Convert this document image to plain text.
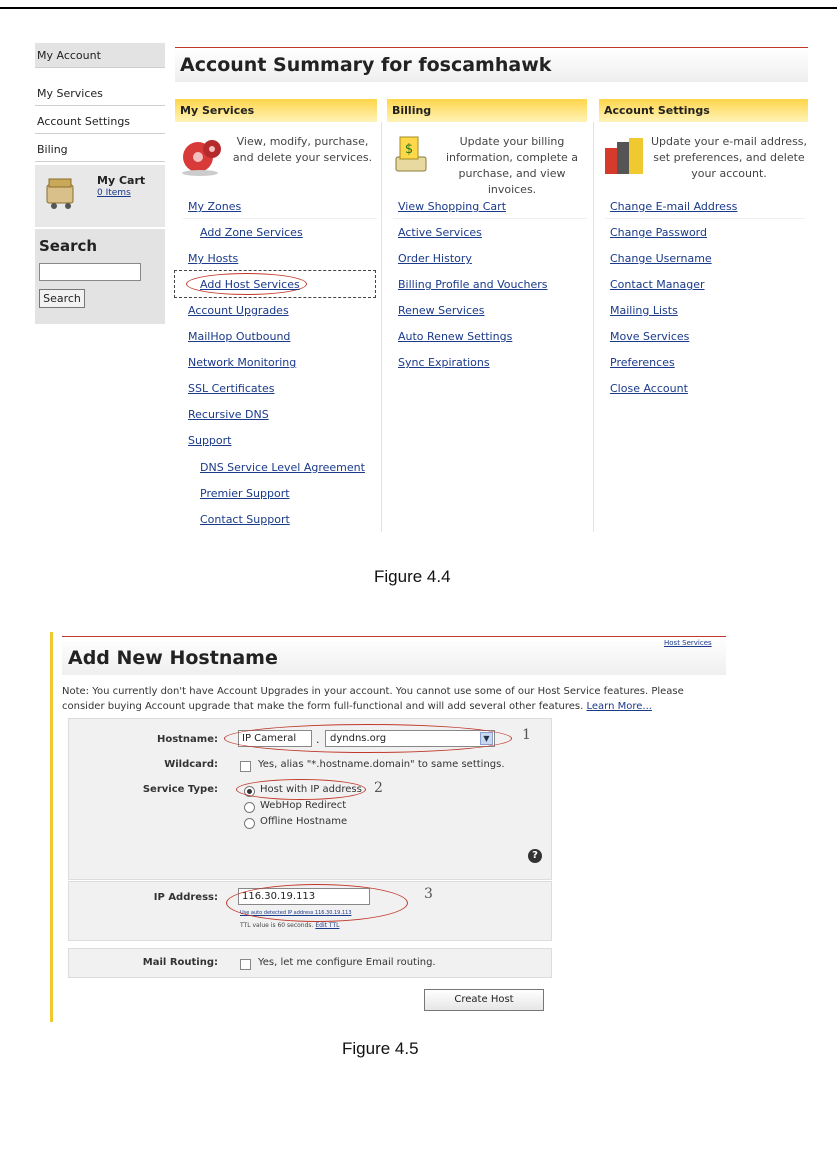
My Account
My Services
Account Settings
Biling
My Cart
0 Items
Search
Search
Account Summary for foscamhawk
My Services	Billing	Account Settings
View, modify, purchase, and delete your services.
$
Update your billing information, complete a purchase, and view invoices.
Update your e-mail address, set preferences, and delete your account.
My Zones
Add Zone Services
My Hosts
Add Host Services
Account Upgrades
MailHop Outbound
Network Monitoring
SSL Certificates
Recursive DNS
Support
DNS Service Level Agreement
Premier Support
Contact Support
View Shopping Cart
Active Services
Order History
Billing Profile and Vouchers
Renew Services
Auto Renew Settings
Sync Expirations
Change E-mail Address
Change Password
Change Username
Contact Manager
Mailing Lists
Move Services
Preferences
Close Account
Figure 4.4
Add New Hostname
Host Services
Note: You currently don't have Account Upgrades in your account. You cannot use some of our Host Service features. Please consider buying Account upgrade that make the form full-functional and will add several other features. Learn More...
Hostname:	IP Cameral	.	dyndns.org	▼ 1
Wildcard:	Yes, alias "*.hostname.domain" to same settings.
Service Type:	Host with IP address 2
WebHop Redirect
Offline Hostname
?
IP Address:	116.30.19.113
Use auto detected IP address 116.30.19.113
TTL value is 60 seconds. Edit TTL
3
Mail Routing:	Yes, let me configure Email routing.
Create Host
Figure 4.5
